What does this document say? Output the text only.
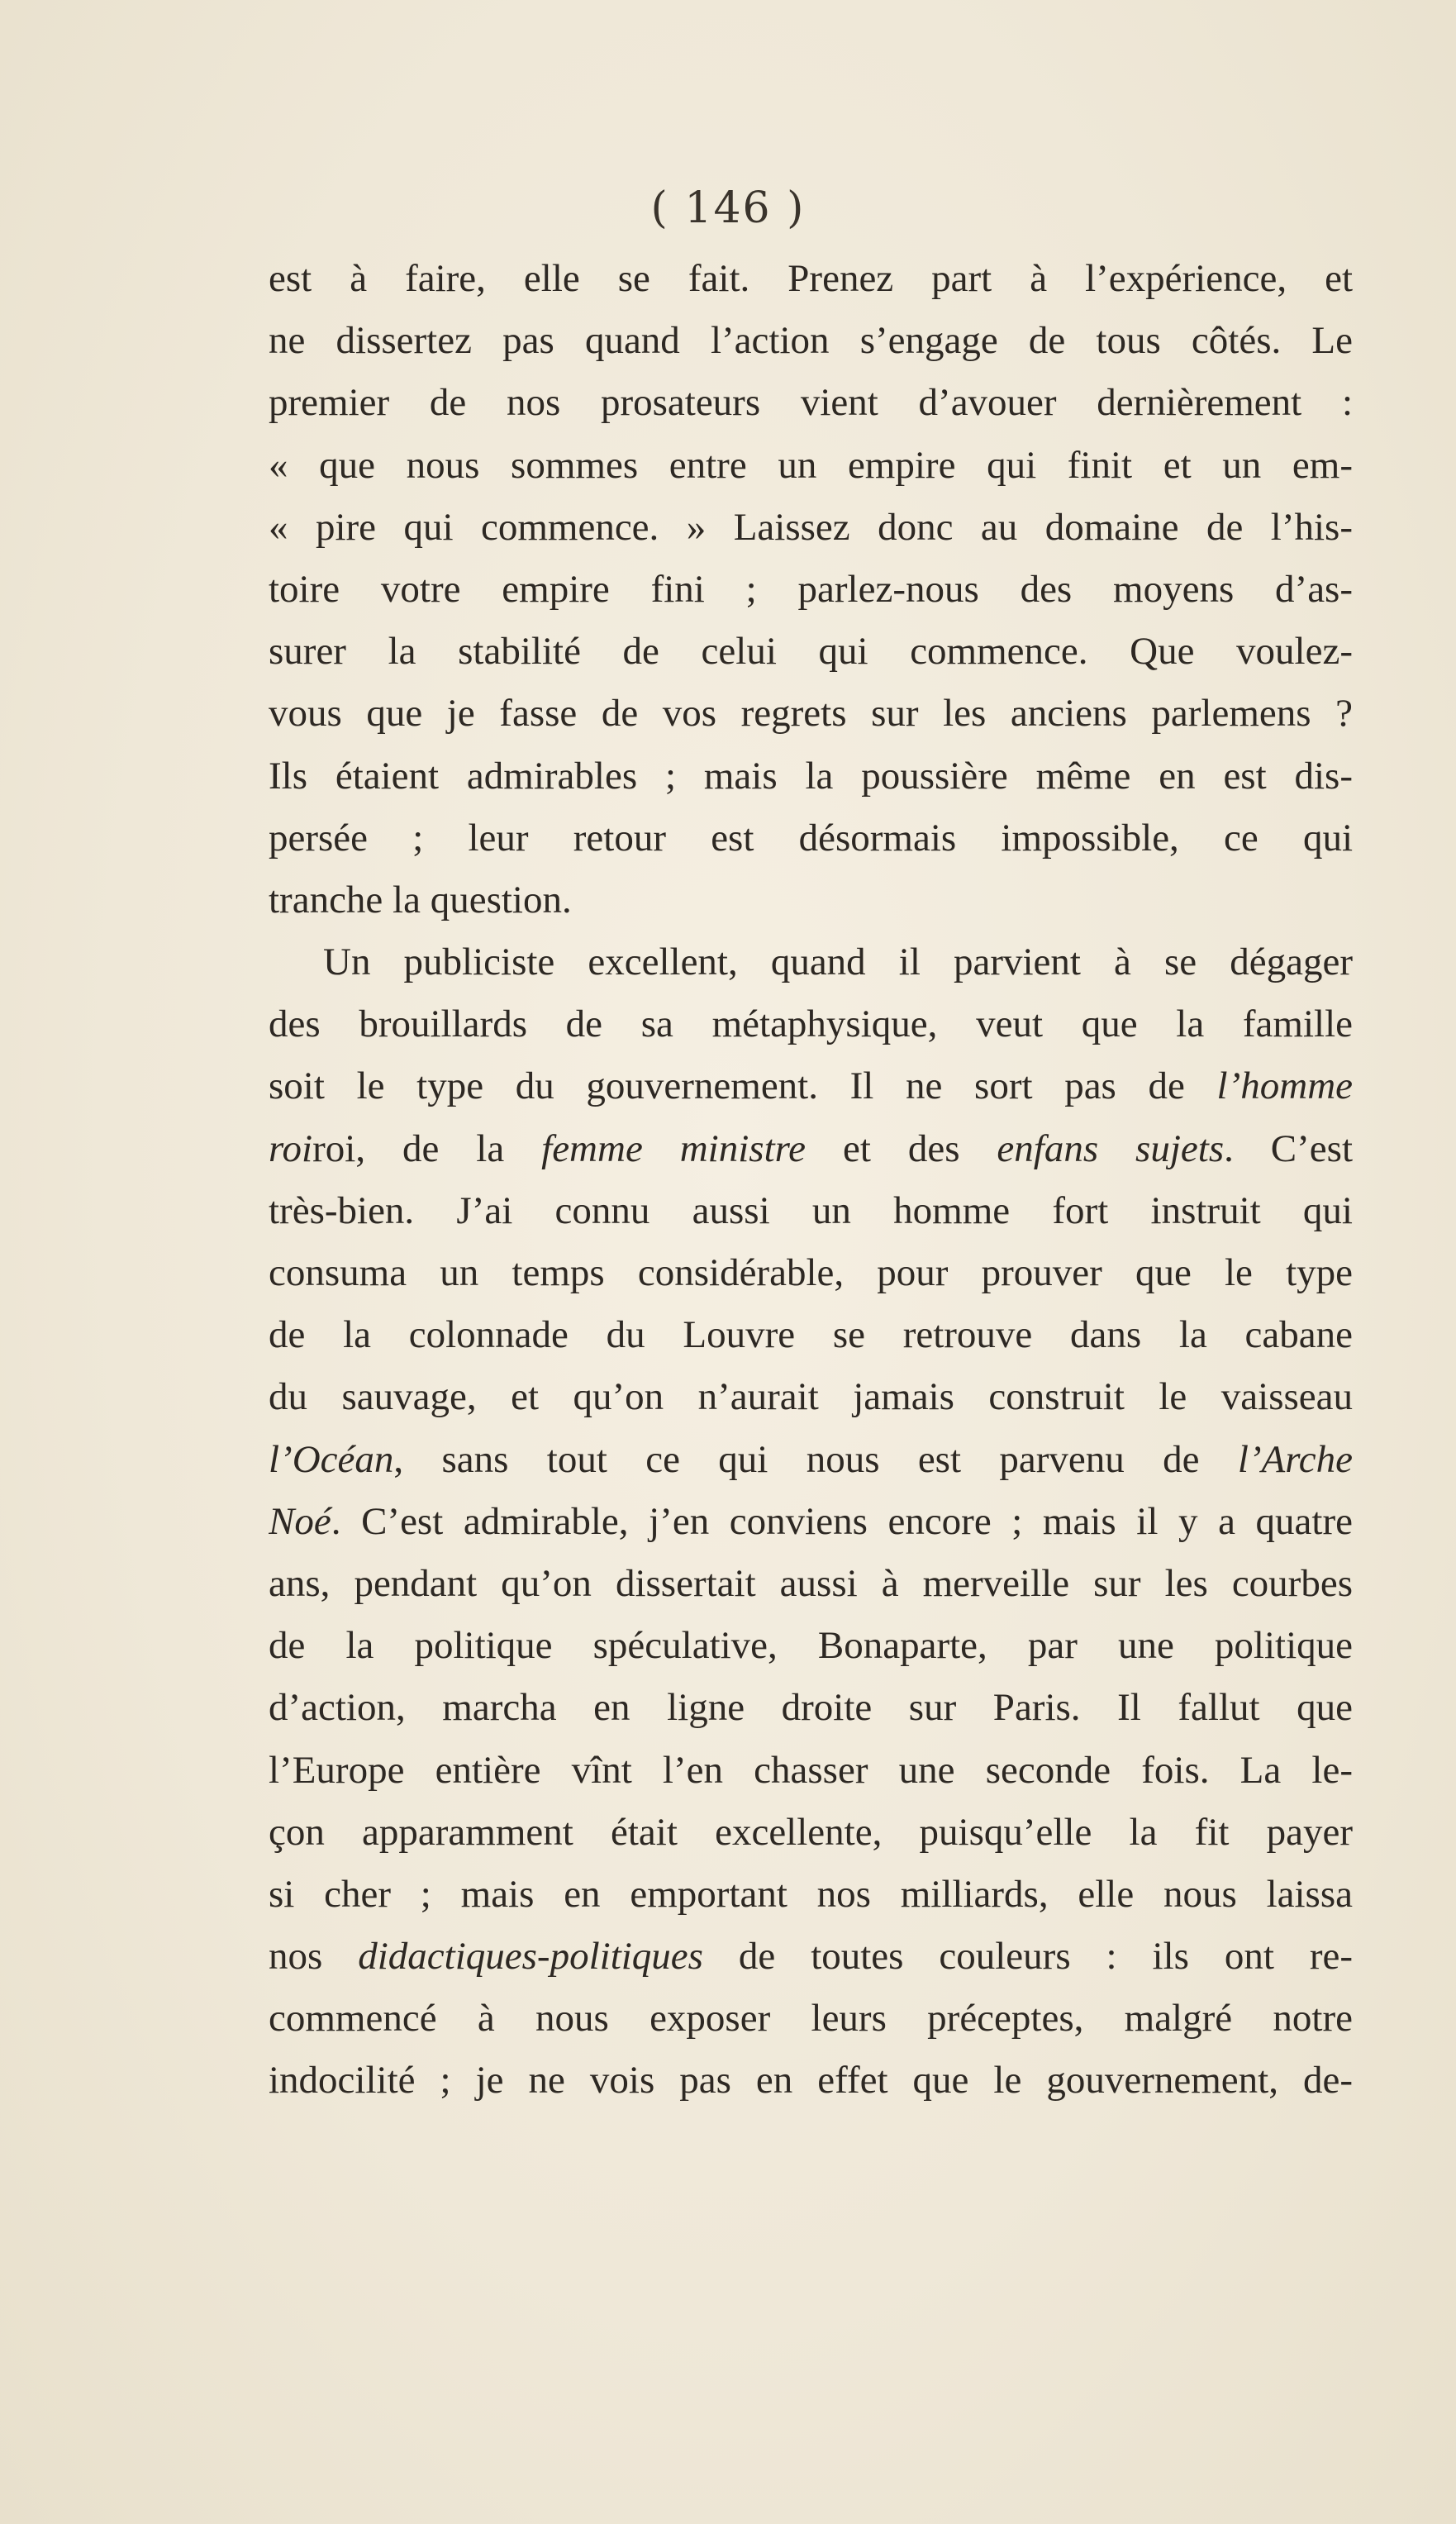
( 146 )
est à faire, elle se fait. Prenez part à l’expérience, et
ne dissertez pas quand l’action s’engage de tous côtés. Le
premier de nos prosateurs vient d’avouer dernièrement :
« que nous sommes entre un empire qui finit et un em-
« pire qui commence. » Laissez donc au domaine de l’his-
toire votre empire fini ; parlez-nous des moyens d’as-
surer la stabilité de celui qui commence. Que voulez-
vous que je fasse de vos regrets sur les anciens parlemens ?
Ils étaient admirables ; mais la poussière même en est dis-
persée ; leur retour est désormais impossible, ce qui
tranche la question.
Un publiciste excellent, quand il parvient à se dégager
des brouillards de sa métaphysique, veut que la famille
soit le type du gouvernement. Il ne sort pas de l’homme
roiroi, de la femme ministre et des enfans sujets. C’est
très-bien. J’ai connu aussi un homme fort instruit qui
consuma un temps considérable, pour prouver que le type
de la colonnade du Louvre se retrouve dans la cabane
du sauvage, et qu’on n’aurait jamais construit le vaisseau
l’Océan, sans tout ce qui nous est parvenu de l’Arche
Noé. C’est admirable, j’en conviens encore ; mais il y a quatre
ans, pendant qu’on dissertait aussi à merveille sur les courbes
de la politique spéculative, Bonaparte, par une politique
d’action, marcha en ligne droite sur Paris. Il fallut que
l’Europe entière vînt l’en chasser une seconde fois. La le-
çon apparamment était excellente, puisqu’elle la fit payer
si cher ; mais en emportant nos milliards, elle nous laissa
nos didactiques-politiques de toutes couleurs : ils ont re-
commencé à nous exposer leurs préceptes, malgré notre
indocilité ; je ne vois pas en effet que le gouvernement, de-
